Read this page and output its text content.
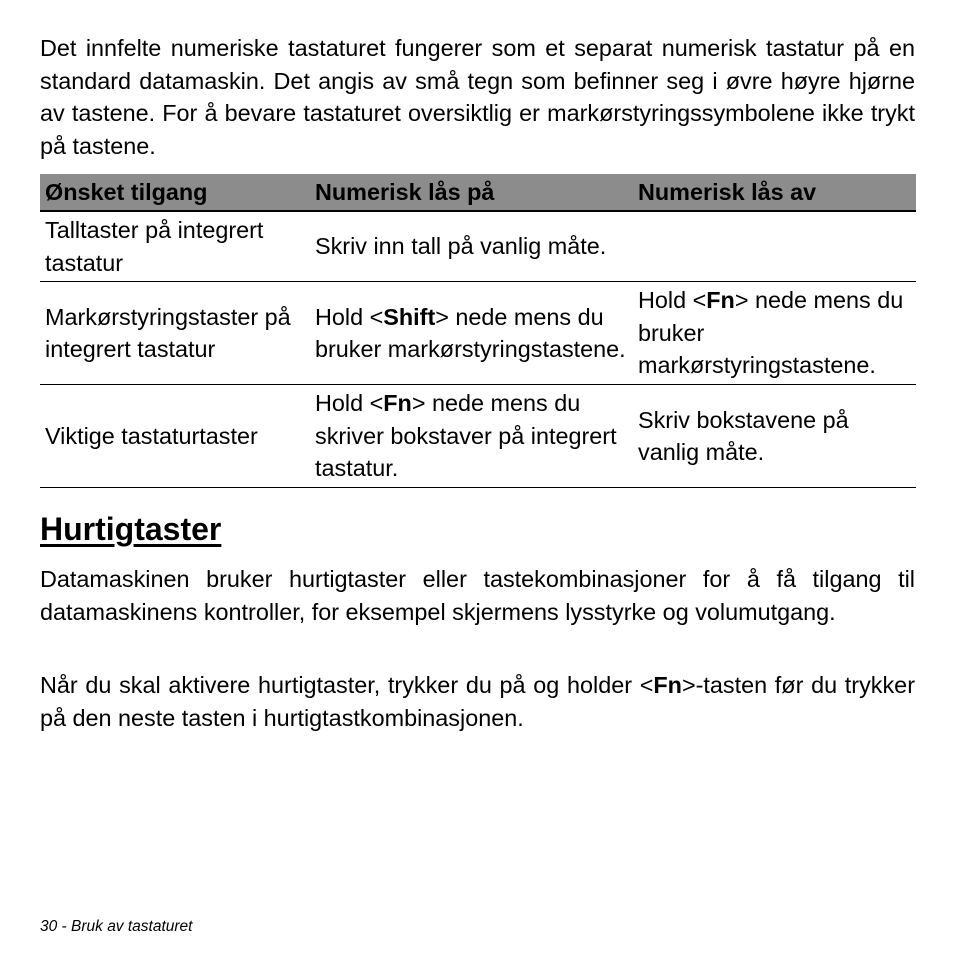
Det innfelte numeriske tastaturet fungerer som et separat numerisk tastatur på en standard datamaskin. Det angis av små tegn som befinner seg i øvre høyre hjørne av tastene. For å bevare tastaturet oversiktlig er markørstyringssymbolene ikke trykt på tastene.

Ønsket tilgang	Numerisk lås på	Numerisk lås av
Talltaster på integrert tastatur	Skriv inn tall på vanlig måte.	
Markørstyringstaster på integrert tastatur	Hold <Shift> nede mens du bruker markørstyringstastene.	Hold <Fn> nede mens du bruker markørstyringstastene.
Viktige tastaturtaster	Hold <Fn> nede mens du skriver bokstaver på integrert tastatur.	Skriv bokstavene på vanlig måte.
Hurtigtaster

Datamaskinen bruker hurtigtaster eller tastekombinasjoner for å få tilgang til datamaskinens kontroller, for eksempel skjermens lysstyrke og volumutgang.

Når du skal aktivere hurtigtaster, trykker du på og holder <Fn>-tasten før du trykker på den neste tasten i hurtigtastkombinasjonen.

30 - Bruk av tastaturet
